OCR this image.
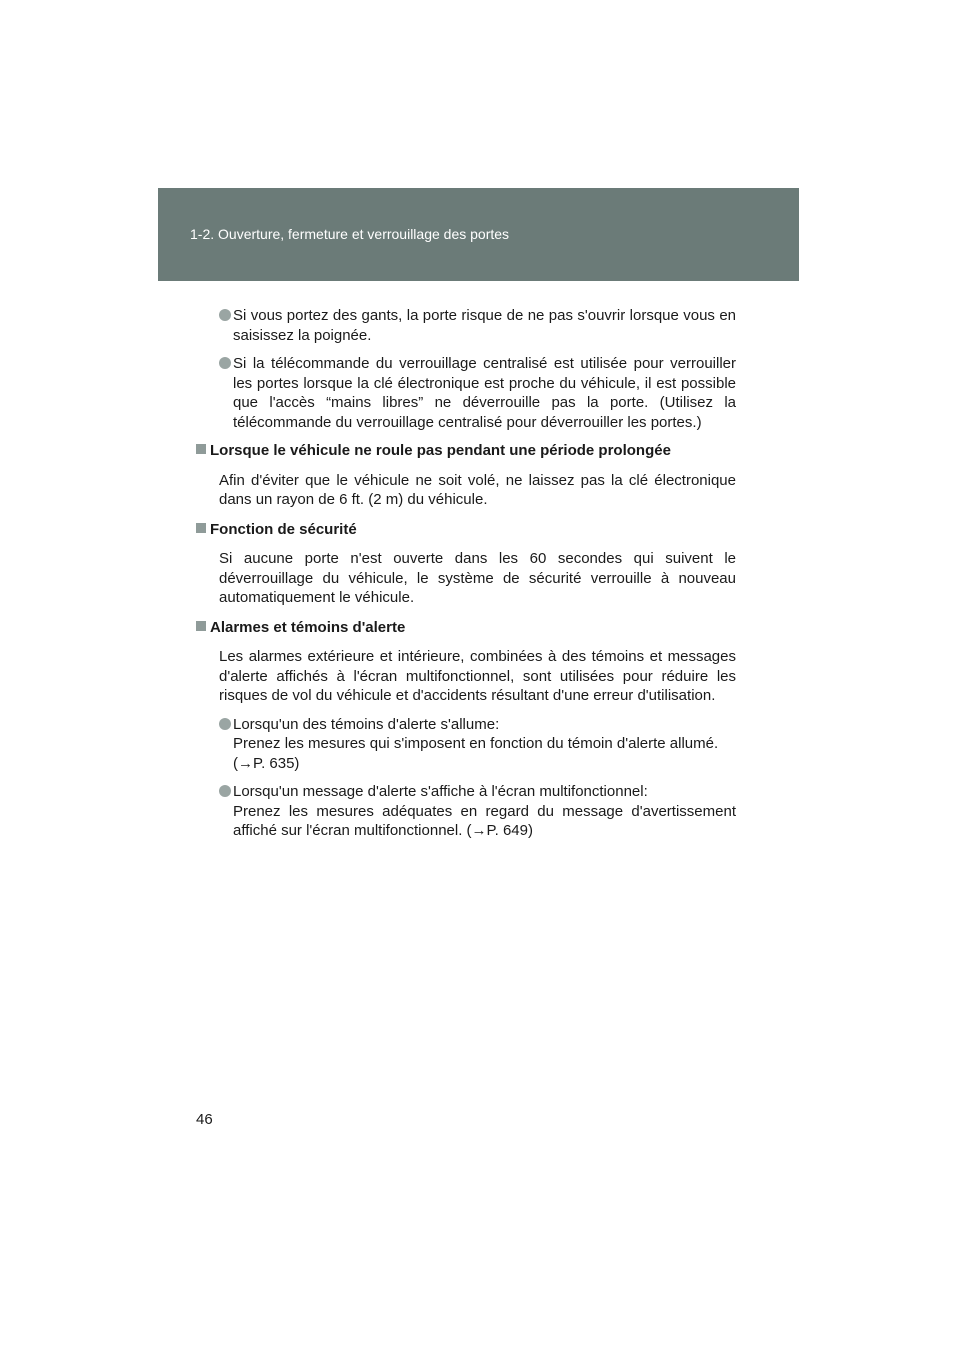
1-2. Ouverture, fermeture et verrouillage des portes
Si vous portez des gants, la porte risque de ne pas s'ouvrir lorsque vous en saisissez la poignée.
Si la télécommande du verrouillage centralisé est utilisée pour verrouiller les portes lorsque la clé électronique est proche du véhicule, il est possible que l'accès “mains libres” ne déverrouille pas la porte. (Utilisez la télécommande du verrouillage centralisé pour déverrouiller les portes.)
Lorsque le véhicule ne roule pas pendant une période prolongée
Afin d'éviter que le véhicule ne soit volé, ne laissez pas la clé électronique dans un rayon de 6 ft. (2 m) du véhicule.
Fonction de sécurité
Si aucune porte n'est ouverte dans les 60 secondes qui suivent le déverrouillage du véhicule, le système de sécurité verrouille à nouveau automatiquement le véhicule.
Alarmes et témoins d'alerte
Les alarmes extérieure et intérieure, combinées à des témoins et messages d'alerte affichés à l'écran multifonctionnel, sont utilisées pour réduire les risques de vol du véhicule et d'accidents résultant d'une erreur d'utilisation.
Lorsqu'un des témoins d'alerte s'allume:
Prenez les mesures qui s'imposent en fonction du témoin d'alerte allumé.
(→P. 635)
Lorsqu'un message d'alerte s'affiche à l'écran multifonctionnel:
Prenez les mesures adéquates en regard du message d'avertissement
affiché sur l'écran multifonctionnel. (→P. 649)
46
